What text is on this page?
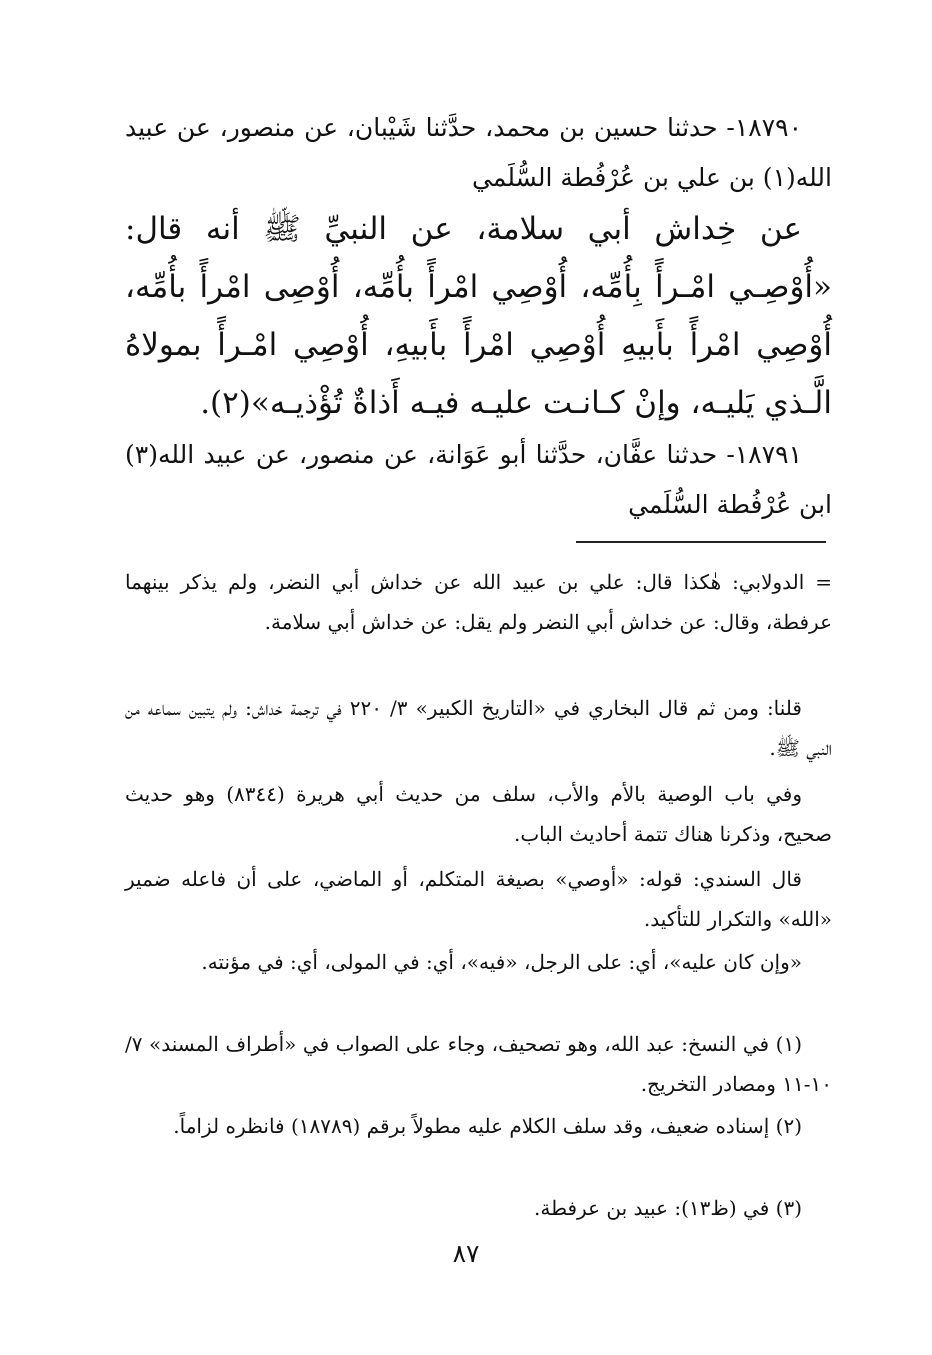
١٨٧٩٠- حدثنا حسين بن محمد، حدَّثنا شَيْبان، عن منصور، عن عبيد الله(١) بن علي بن عُرْفُطة السُّلَمي

عن خِداش أبي سلامة، عن النبيِّ ﷺ أنه قال: «أُوْصِـي امْـرأً بِأُمِّه، أُوْصِي امْرأً بأُمِّه، أُوْصِى امْرأً بأُمِّه، أُوْصِي امْرأً بأَبيهِ أُوْصِي امْرأً بأَبيهِ، أُوْصِي امْـرأً بمولاهُ الَّـذي يَليـه، وإنْ كـانـت عليـه فيـه أَذاةٌ تُؤْذيـه»(٢).

١٨٧٩١- حدثنا عفَّان، حدَّثنا أبو عَوَانة، عن منصور، عن عبيد الله(٣) ابن عُرْفُطة السُّلَمي

= الدولابي: هٰكذا قال: علي بن عبيد الله عن خداش أبي النضر، ولم يذكر بينهما عرفطة، وقال: عن خداش أبي النضر ولم يقل: عن خداش أبي سلامة.

قلنا: ومن ثم قال البخاري في «التاريخ الكبير» ٣/ ٢٢٠ في ترجمة خداش: ولم يتبين سماعه من النبي ﷺ.

وفي باب الوصية بالأم والأب، سلف من حديث أبي هريرة (٨٣٤٤) وهو حديث صحيح، وذكرنا هناك تتمة أحاديث الباب.

قال السندي: قوله: «أوصي» بصيغة المتكلم، أو الماضي، على أن فاعله ضمير «الله» والتكرار للتأكيد.

«وإن كان عليه»، أي: على الرجل، «فيه»، أي: في المولى، أي: في مؤنته.

(١) في النسخ: عبد الله، وهو تصحيف، وجاء على الصواب في «أطراف المسند» ٧/ ١٠-١١ ومصادر التخريج.

(٢) إسناده ضعيف، وقد سلف الكلام عليه مطولاً برقم (١٨٧٨٩) فانظره لزاماً.

(٣) في (ظ١٣): عبيد بن عرفطة.

٨٧
